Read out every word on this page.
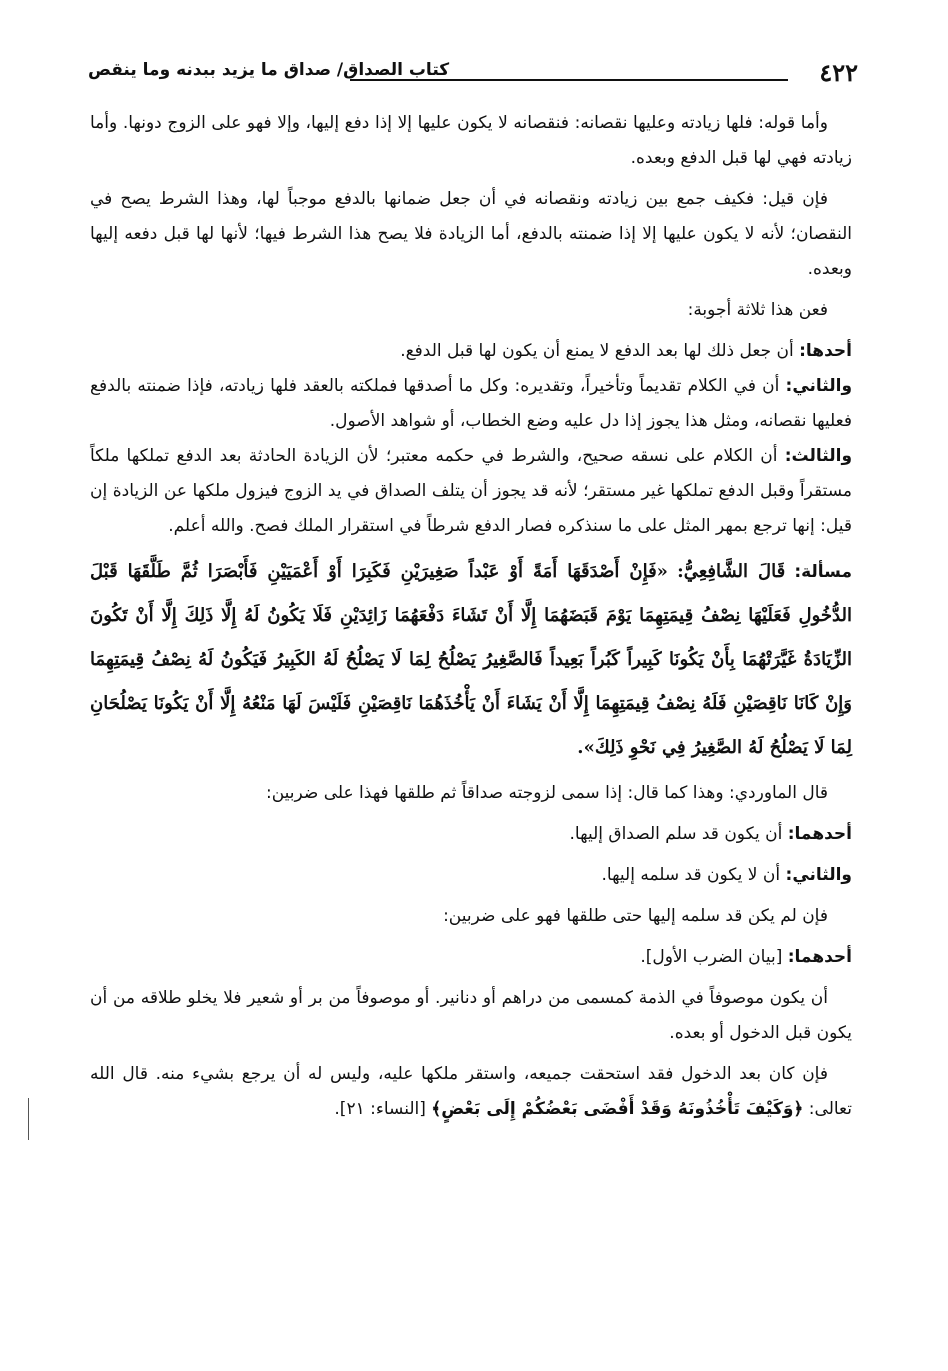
٤٢٢
كتاب الصداق/ صداق ما يزيد ببدنه وما ينقص

وأما قوله: فلها زيادته وعليها نقصانه: فنقصانه لا يكون عليها إلا إذا دفع إليها، وإلا فهو على الزوج دونها. وأما زيادته فهي لها قبل الدفع وبعده.

فإن قيل: فكيف جمع بين زيادته ونقصانه في أن جعل ضمانها بالدفع موجباً لها، وهذا الشرط يصح في النقصان؛ لأنه لا يكون عليها إلا إذا ضمنته بالدفع، أما الزيادة فلا يصح هذا الشرط فيها؛ لأنها لها قبل دفعه إليها وبعده.

فعن هذا ثلاثة أجوبة:

أحدها: أن جعل ذلك لها بعد الدفع لا يمنع أن يكون لها قبل الدفع.

والثاني: أن في الكلام تقديماً وتأخيراً، وتقديره: وكل ما أصدقها فملكته بالعقد فلها زيادته، فإذا ضمنته بالدفع فعليها نقصانه، ومثل هذا يجوز إذا دل عليه وضع الخطاب، أو شواهد الأصول.

والثالث: أن الكلام على نسقه صحيح، والشرط في حكمه معتبر؛ لأن الزيادة الحادثة بعد الدفع تملكها ملكاً مستقراً وقبل الدفع تملكها غير مستقر؛ لأنه قد يجوز أن يتلف الصداق في يد الزوج فيزول ملكها عن الزيادة إن قيل: إنها ترجع بمهر المثل على ما سنذكره فصار الدفع شرطاً في استقرار الملك فصح. والله أعلم.

مسألة: قَالَ الشَّافِعِيُّ: «فَإِنْ أَصْدَقَهَا أَمَةً أَوْ عَبْداً صَغِيرَيْنِ فَكَبِرَا أَوْ أَعْمَيَيْنِ فَأَبْصَرَا ثُمَّ طَلَّقَهَا قَبْلَ الدُّخُولِ فَعَلَيْهَا نِصْفُ قِيمَتِهِمَا يَوْمَ قَبَضَهُمَا إِلَّا أَنْ تَشَاءَ دَفْعَهُمَا زَائِدَيْنِ فَلَا يَكُونُ لَهُ إِلَّا ذَلِكَ إِلَّا أَنْ تَكُونَ الزِّيَادَةُ غَيَّرَتْهُمَا بِأَنْ يَكُونَا كَبِيراً كَبُراً بَعِيداً فَالصَّغِيرُ يَصْلُحُ لِمَا لَا يَصْلُحُ لَهُ الكَبِيرُ فَيَكُونُ لَهُ نِصْفُ قِيمَتِهِمَا وَإِنْ كَانَا نَاقِصَيْنِ فَلَهُ نِصْفُ قِيمَتِهِمَا إِلَّا أَنْ يَشَاءَ أَنْ يَأْخُذَهُمَا نَاقِصَيْنِ فَلَيْسَ لَهَا مَنْعُهُ إِلَّا أَنْ يَكُونَا يَصْلُحَانِ لِمَا لَا يَصْلُحُ لَهُ الصَّغِيرُ فِي نَحْوِ ذَلِكَ».

قال الماوردي: وهذا كما قال: إذا سمى لزوجته صداقاً ثم طلقها فهذا على ضربين:

أحدهما: أن يكون قد سلم الصداق إليها.

والثاني: أن لا يكون قد سلمه إليها.

فإن لم يكن قد سلمه إليها حتى طلقها فهو على ضربين:

أحدهما: [بيان الضرب الأول].

أن يكون موصوفاً في الذمة كمسمى من دراهم أو دنانير. أو موصوفاً من بر أو شعير فلا يخلو طلاقه من أن يكون قبل الدخول أو بعده.

فإن كان بعد الدخول فقد استحقت جميعه، واستقر ملكها عليه، وليس له أن يرجع بشيء منه. قال الله تعالى: ﴿وَكَيْفَ تَأْخُذُونَهُ وَقَدْ أَفْضَى بَعْضُكُمْ إِلَى بَعْضٍ﴾ [النساء: ٢١].
